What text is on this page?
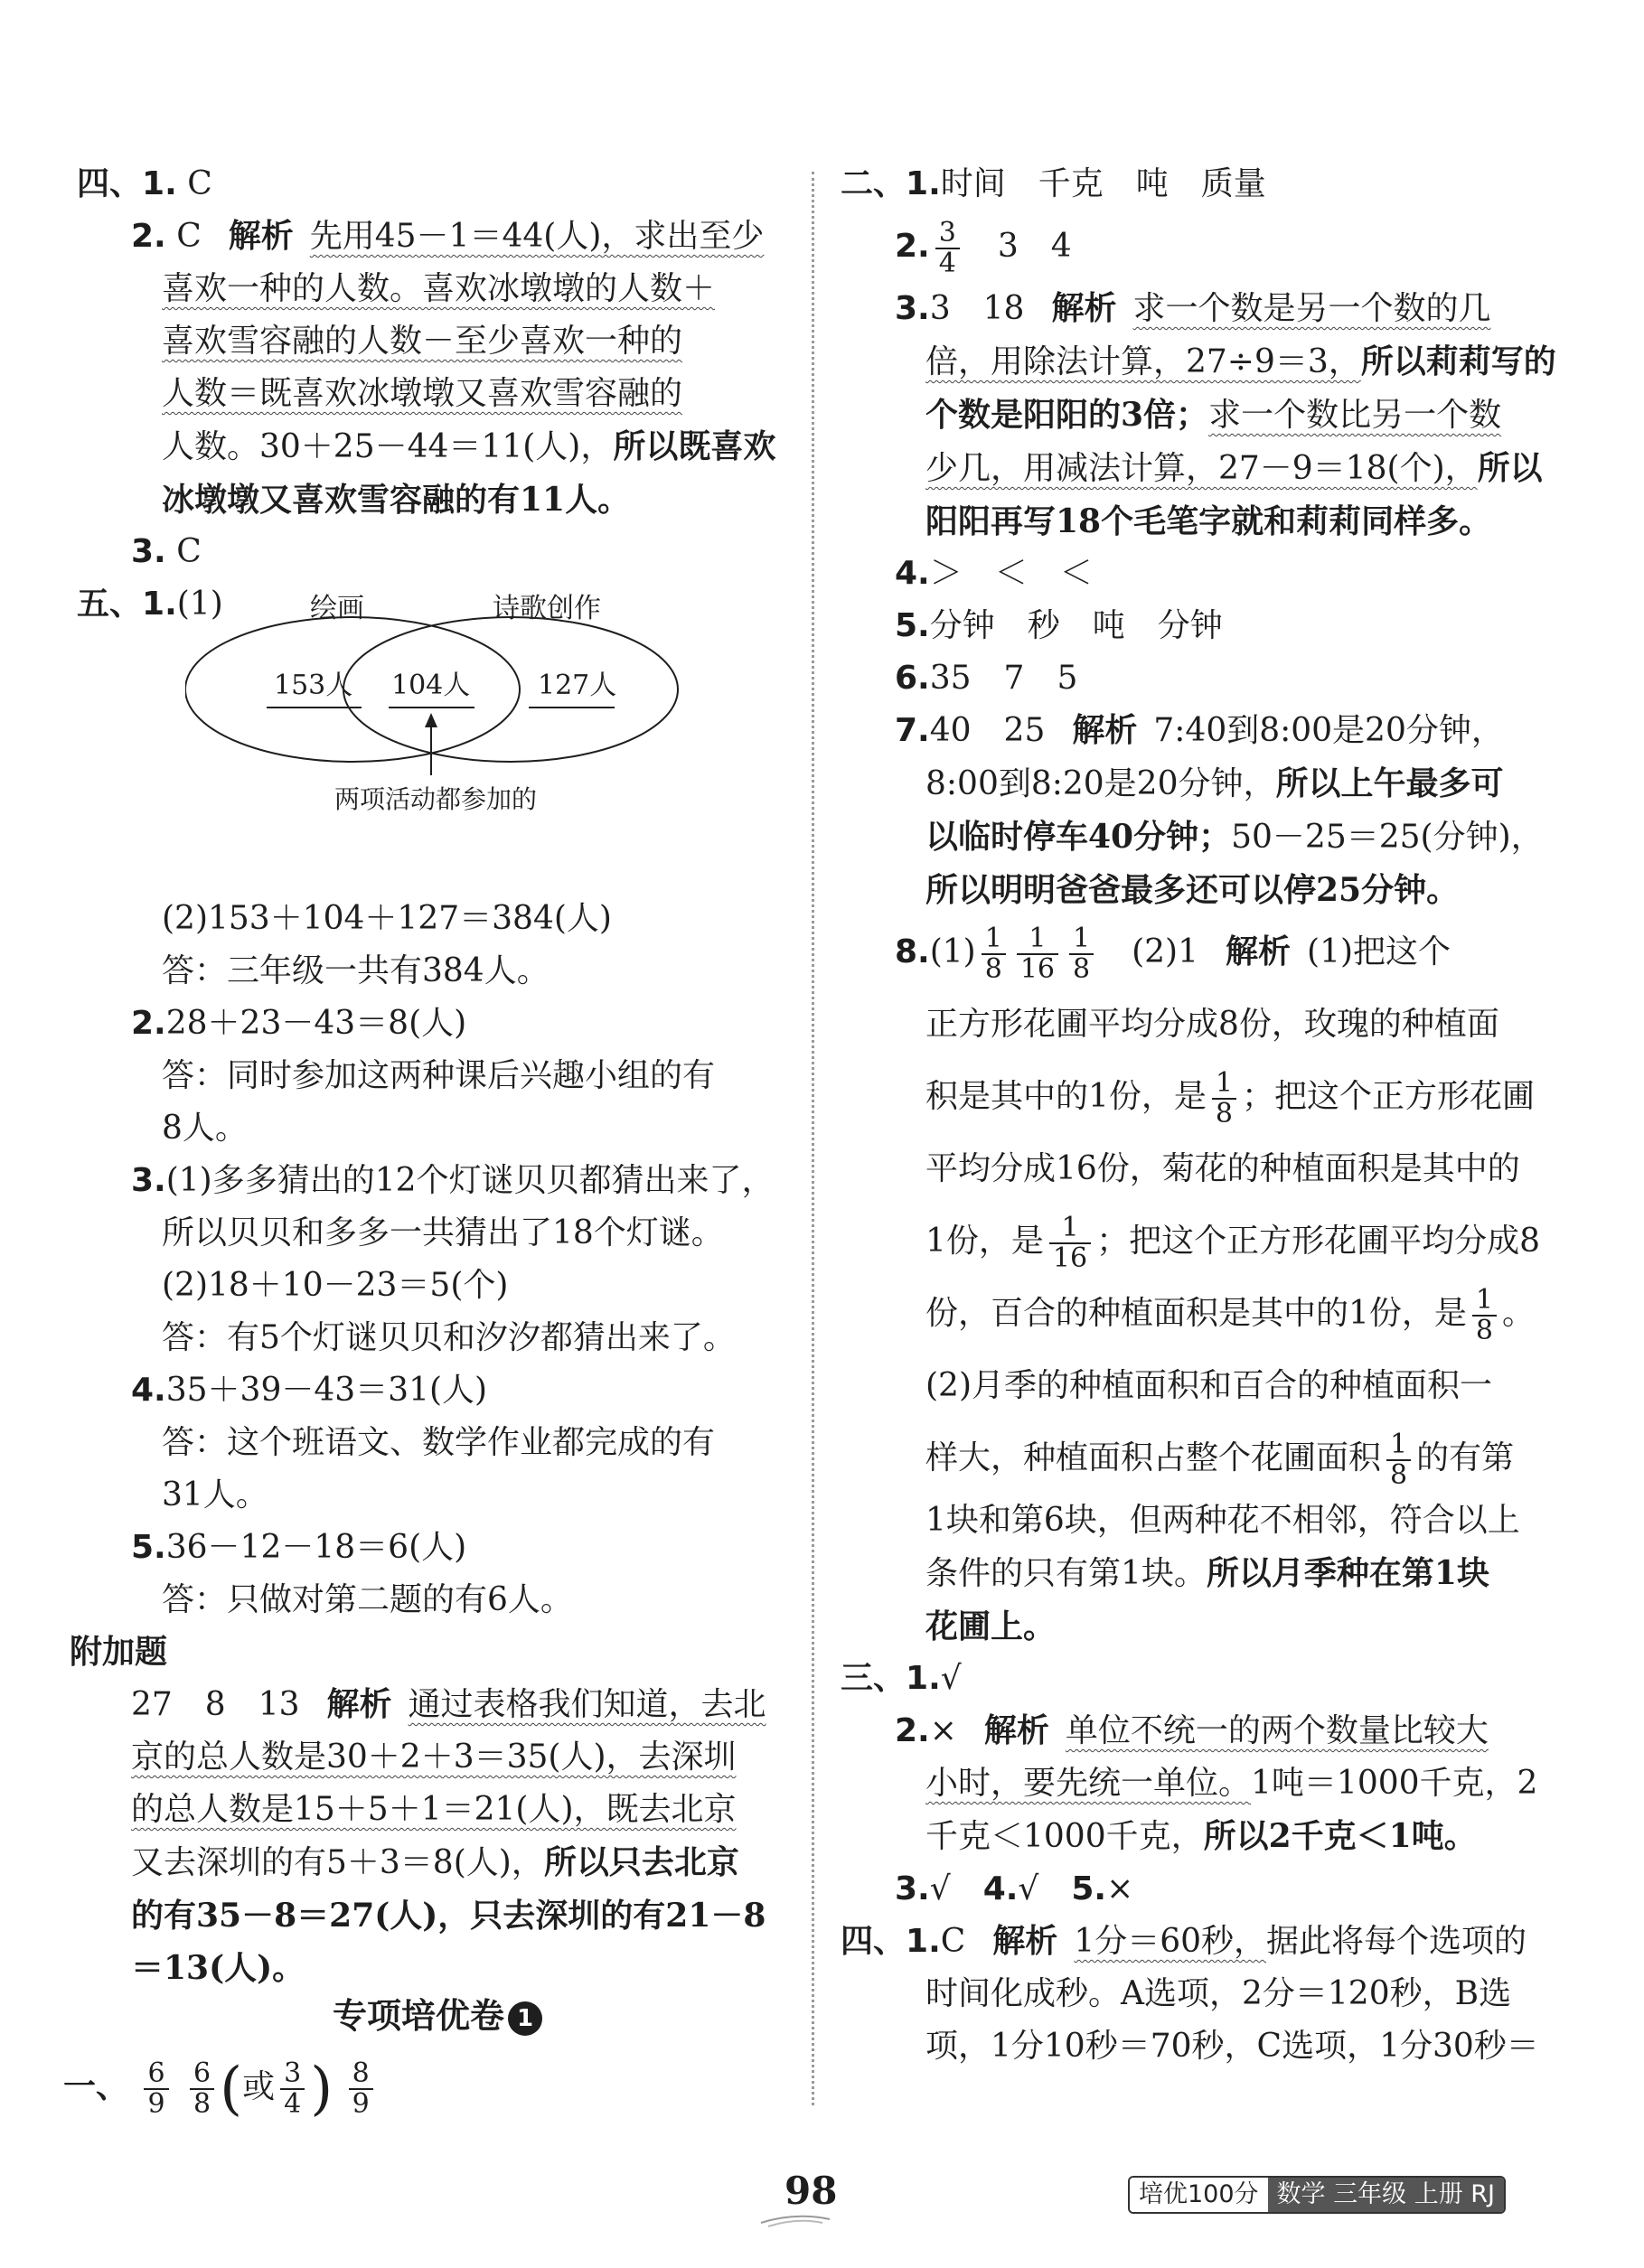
四、1. C
2. C 解析 先用45－1＝44(人)，求出至少
喜欢一种的人数。喜欢冰墩墩的人数＋
喜欢雪容融的人数－至少喜欢一种的
人数＝既喜欢冰墩墩又喜欢雪容融的
人数。30＋25－44＝11(人)，所以既喜欢
冰墩墩又喜欢雪容融的有11人。
3. C
五、1.(1)	绘画	诗歌创作
153人 104人 127人
两项活动都参加的
(2)153＋104＋127＝384(人)
答：三年级一共有384人。
2.28＋23－43＝8(人)
答：同时参加这两种课后兴趣小组的有
8人。
3.(1)多多猜出的12个灯谜贝贝都猜出来了，
所以贝贝和多多一共猜出了18个灯谜。
(2)18＋10－23＝5(个)
答：有5个灯谜贝贝和汐汐都猜出来了。
4.35＋39－43＝31(人)
答：这个班语文、数学作业都完成的有
31人。
5.36－12－18＝6(人)
答：只做对第二题的有6人。
附加题
27　8　13 解析 通过表格我们知道，去北
京的总人数是30＋2＋3＝35(人)，去深圳
的总人数是15＋5＋1＝21(人)，既去北京
又去深圳的有5＋3＝8(人)，所以只去北京
的有35－8＝27(人)，只去深圳的有21－8
＝13(人)。
专项培优卷 1
一、 $\frac{6}{9}$
$\frac{6}{8}$ (或 $\frac{3}{4}$ ) $\frac{8}{9}$
二、1.时间　千克　吨　质量
2. $\frac{3}{4} 3$　4
3.3　18 解析 求一个数是另一个数的几
倍，用除法计算，27÷9＝3，所以莉莉写的
个数是阳阳的3倍；求一个数比另一个数
少几，用减法计算，27－9＝18(个)，所以
阳阳再写18个毛笔字就和莉莉同样多。
4.＞　＜　＜
5.分钟　秒　吨　分钟
6.35　7　5
7.40　25 解析 7:40到8:00是20分钟，
8:00到8:20是20分钟，所以上午最多可
以临时停车40分钟；50－25＝25(分钟)，
所以明明爸爸最多还可以停25分钟。
$8.(1) \frac{1}{8} \frac{1}{16} \frac{1}{8} (2)1$ 解析 (1)把这个
正方形花圃平均分成8份，玫瑰的种植面
积是其中的1份，是 $\frac{1}{8}$ ；把这个正方形花圃
平均分成16份，菊花的种植面积是其中的
1份，是 $\frac{1}{16}$ ；把这个正方形花圃平均分成8
份，百合的种植面积是其中的1份，是 $\frac{1}{8}$ 。
(2)月季的种植面积和百合的种植面积一
样大，种植面积占整个花圃面积 $\frac{1}{8}$ 的有第
1块和第6块，但两种花不相邻，符合以上
条件的只有第1块。所以月季种在第1块
花圃上。
三、1.√
2.× 解析 单位不统一的两个数量比较大
小时，要先统一单位。1吨＝1000千克，2
千克＜1000千克，所以2千克＜1吨。
3.√ 4.√ 5.×
四、1.C 解析 1分＝60秒，据此将每个选项的
时间化成秒。A选项，2分＝120秒，B选
项，1分10秒＝70秒，C选项，1分30秒＝
98	培优100分 数学 三年级 上册 RJ
